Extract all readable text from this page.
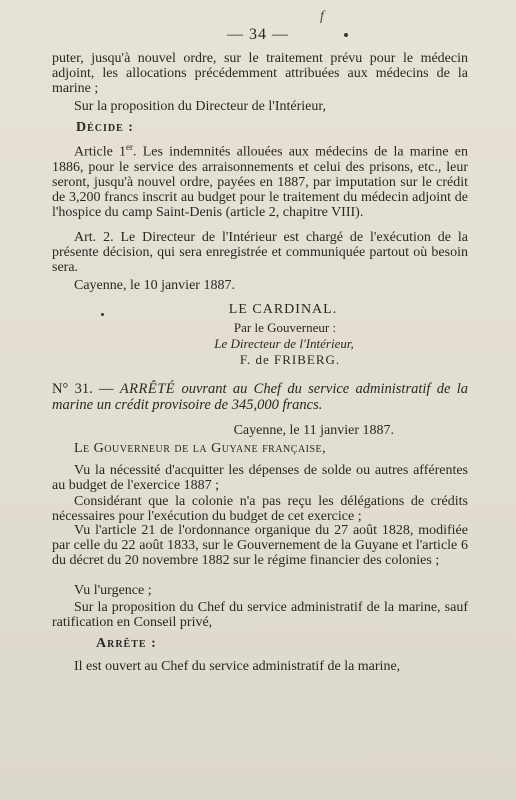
— 34 —
f
puter, jusqu'à nouvel ordre, sur le traitement prévu pour le médecin adjoint, les allocations précédemment attribuées aux médecins de la marine ;
Sur la proposition du Directeur de l'Intérieur,
Décide :
Article 1er. Les indemnités allouées aux médecins de la marine en 1886, pour le service des arraisonnements et celui des prisons, etc., leur seront, jusqu'à nouvel ordre, payées en 1887, par imputation sur le crédit de 3,200 francs inscrit au budget pour le traitement du médecin adjoint de l'hospice du camp Saint-Denis (article 2, chapitre VIII).
Art. 2. Le Directeur de l'Intérieur est chargé de l'exécution de la présente décision, qui sera enregistrée et communiquée partout où besoin sera.
Cayenne, le 10 janvier 1887.
LE CARDINAL.
Par le Gouverneur :
Le Directeur de l'Intérieur,
F. de FRIBERG.
N° 31. — ARRÊTÉ ouvrant au Chef du service administratif de la marine un crédit provisoire de 345,000 francs.
Cayenne, le 11 janvier 1887.
Le Gouverneur de la Guyane française,
Vu la nécessité d'acquitter les dépenses de solde ou autres afférentes au budget de l'exercice 1887 ;
Considérant que la colonie n'a pas reçu les délégations de crédits nécessaires pour l'exécution du budget de cet exercice ;
Vu l'article 21 de l'ordonnance organique du 27 août 1828, modifiée par celle du 22 août 1833, sur le Gouvernement de la Guyane et l'article 6 du décret du 20 novembre 1882 sur le régime financier des colonies ;
Vu l'urgence ;
Sur la proposition du Chef du service administratif de la marine, sauf ratification en Conseil privé,
Arrête :
Il est ouvert au Chef du service administratif de la marine,
